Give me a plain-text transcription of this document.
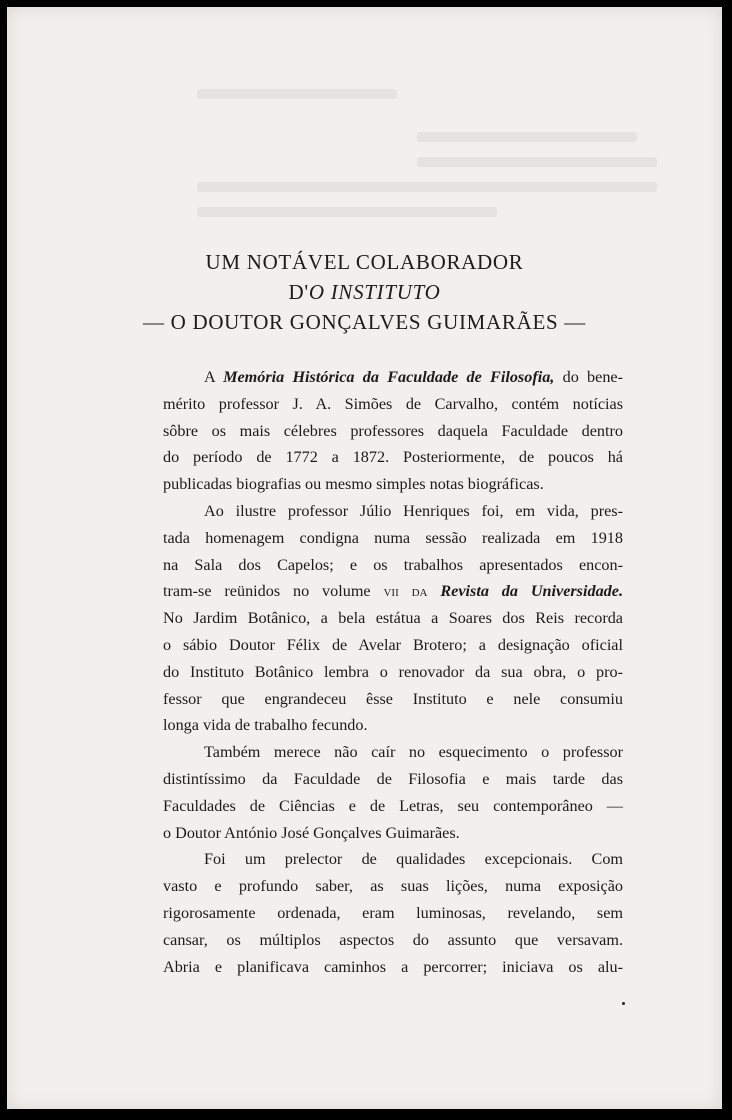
UM NOTÁVEL COLABORADOR
D'O INSTITUTO
— O DOUTOR GONÇALVES GUIMARÃES —

A Memória Histórica da Faculdade de Filosofia, do bene-

mérito professor J. A. Simões de Carvalho, contém notícias

sôbre os mais célebres professores daquela Faculdade dentro

do período de 1772 a 1872. Posteriormente, de poucos há

publicadas biografias ou mesmo simples notas biográficas.

Ao ilustre professor Júlio Henriques foi, em vida, pres-

tada homenagem condigna numa sessão realizada em 1918

na Sala dos Capelos; e os trabalhos apresentados encon-

tram-se reünidos no volume vii da Revista da Universidade.

No Jardim Botânico, a bela estátua a Soares dos Reis recorda

o sábio Doutor Félix de Avelar Brotero; a designação oficial

do Instituto Botânico lembra o renovador da sua obra, o pro-

fessor que engrandeceu êsse Instituto e nele consumiu

longa vida de trabalho fecundo.

Também merece não caír no esquecimento o professor

distintíssimo da Faculdade de Filosofia e mais tarde das

Faculdades de Ciências e de Letras, seu contemporâneo —

o Doutor António José Gonçalves Guimarães.

Foi um prelector de qualidades excepcionais. Com

vasto e profundo saber, as suas lições, numa exposição

rigorosamente ordenada, eram luminosas, revelando, sem

cansar, os múltiplos aspectos do assunto que versavam.

Abria e planificava caminhos a percorrer; iniciava os alu-
